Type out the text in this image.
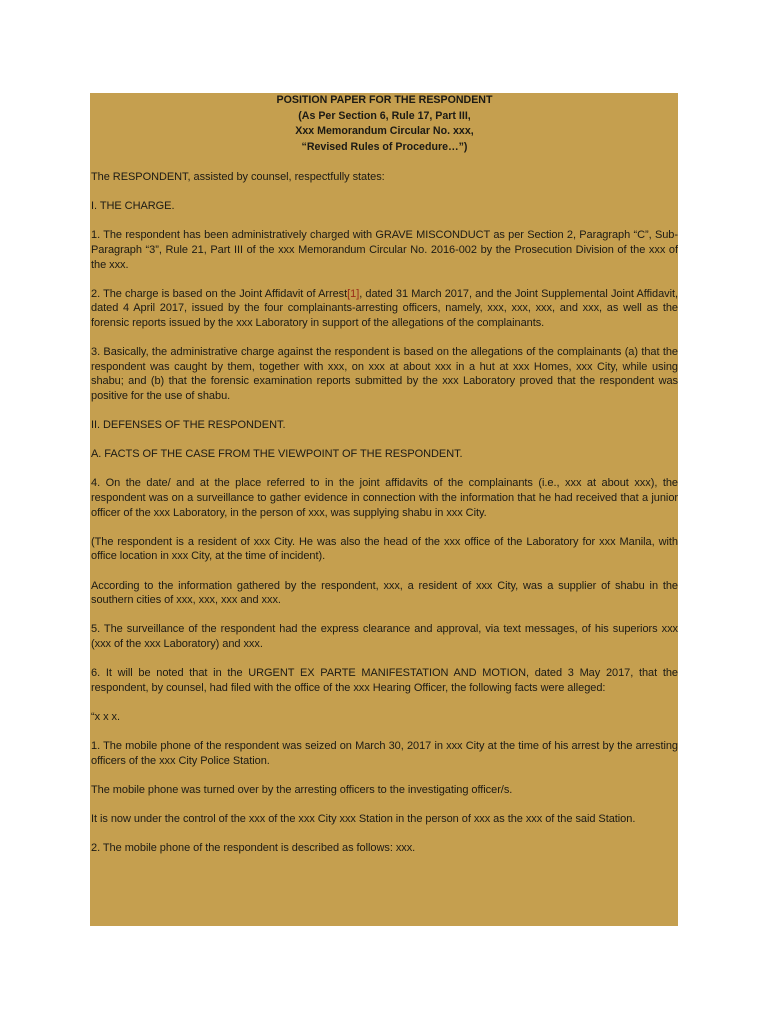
POSITION PAPER FOR THE RESPONDENT
(As Per Section 6, Rule 17, Part III,
Xxx Memorandum Circular No. xxx,
“Revised Rules of Procedure…”)

The RESPONDENT, assisted by counsel, respectfully states:

I. THE CHARGE.

1. The respondent has been administratively charged with GRAVE MISCONDUCT as per Section 2, Paragraph “C”, Sub-Paragraph “3”, Rule 21, Part III of the xxx Memorandum Circular No. 2016-002 by the Prosecution Division of the xxx of the xxx.

2. The charge is based on the Joint Affidavit of Arrest[1], dated 31 March 2017, and the Joint Supplemental Joint Affidavit, dated 4 April 2017, issued by the four complainants-arresting officers, namely, xxx, xxx, xxx, and xxx, as well as the forensic reports issued by the xxx Laboratory in support of the allegations of the complainants.

3. Basically, the administrative charge against the respondent is based on the allegations of the complainants (a) that the respondent was caught by them, together with xxx, on xxx at about xxx in a hut at xxx Homes, xxx City, while using shabu; and (b) that the forensic examination reports submitted by the xxx Laboratory proved that the respondent was positive for the use of shabu.

II. DEFENSES OF THE RESPONDENT.

A. FACTS OF THE CASE FROM THE VIEWPOINT OF THE RESPONDENT.

4. On the date/ and at the place referred to in the joint affidavits of the complainants (i.e., xxx at about xxx), the respondent was on a surveillance to gather evidence in connection with the information that he had received that a junior officer of the xxx Laboratory, in the person of xxx, was supplying shabu in xxx City.

(The respondent is a resident of xxx City. He was also the head of the xxx office of the Laboratory for xxx Manila, with office location in xxx City, at the time of incident).

According to the information gathered by the respondent, xxx, a resident of xxx City, was a supplier of shabu in the southern cities of xxx, xxx, xxx and xxx.

5. The surveillance of the respondent had the express clearance and approval, via text messages, of his superiors xxx (xxx of the xxx Laboratory) and xxx.

6. It will be noted that in the URGENT EX PARTE MANIFESTATION AND MOTION, dated 3 May 2017, that the respondent, by counsel, had filed with the office of the xxx Hearing Officer, the following facts were alleged:

“x x x.

1. The mobile phone of the respondent was seized on March 30, 2017 in xxx City at the time of his arrest by the arresting officers of the xxx City Police Station.

The mobile phone was turned over by the arresting officers to the investigating officer/s.

It is now under the control of the xxx of the xxx City xxx Station in the person of xxx as the xxx of the said Station.

2. The mobile phone of the respondent is described as follows: xxx.
